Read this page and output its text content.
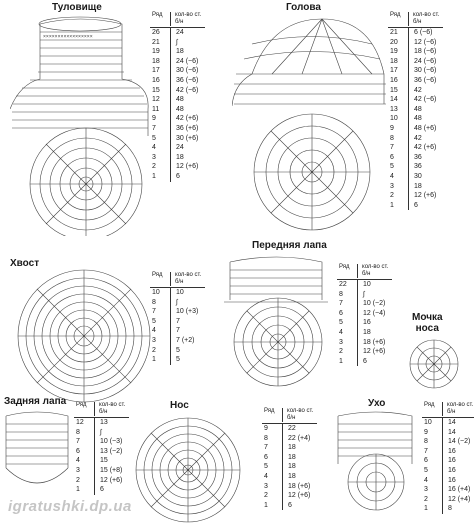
Туловище
×××××××××××××××××
Ряд	кол-во ст. б/н
26	24
21	∫
19	18
18	24 (−6)
17	30 (−6)
16	36 (−6)
15	42 (−6)
12	48
11	48
9	42 (+6)
7	36 (+6)
5	30 (+6)
4	24
3	18
2	12 (+6)
1	6
Голова
Ряд	кол-во ст. б/н
21	6 (−6)
20	12 (−6)
19	18 (−6)
18	24 (−6)
17	30 (−6)
16	36 (−6)
15	42
14	42 (−6)
13	48
10	48
9	48 (+6)
8	42
7	42 (+6)
6	36
5	36
4	30
3	18
2	12 (+6)
1	6
Хвост
Ряд	кол-во ст. б/н
10	10
8	∫
7	10 (+3)
5	7
4	7
3	7 (+2)
2	5
1	5
Передняя лапа
Ряд	кол-во ст. б/н
22	10
8	∫
7	10 (−2)
6	12 (−4)
5	16
4	18
3	18 (+6)
2	12 (+6)
1	6
Мочка
носа
Задняя лапа	Ряд	кол-во ст. б/н
12	13
8	∫
7	10 (−3)
6	13 (−2)
4	15
3	15 (+8)
2	12 (+6)
1	6
Нос	Ряд	кол-во ст. б/н
9	22
8	22 (+4)
7	18
6	18
5	18
4	18
3	18 (+6)
2	12 (+6)
1	6
Ухо	Ряд	кол-во ст. б/н
10	14
9	14
8	14 (−2)
7	16
6	16
5	16
4	16
3	16 (+4)
2	12 (+4)
1	8
igratushki.dp.ua
